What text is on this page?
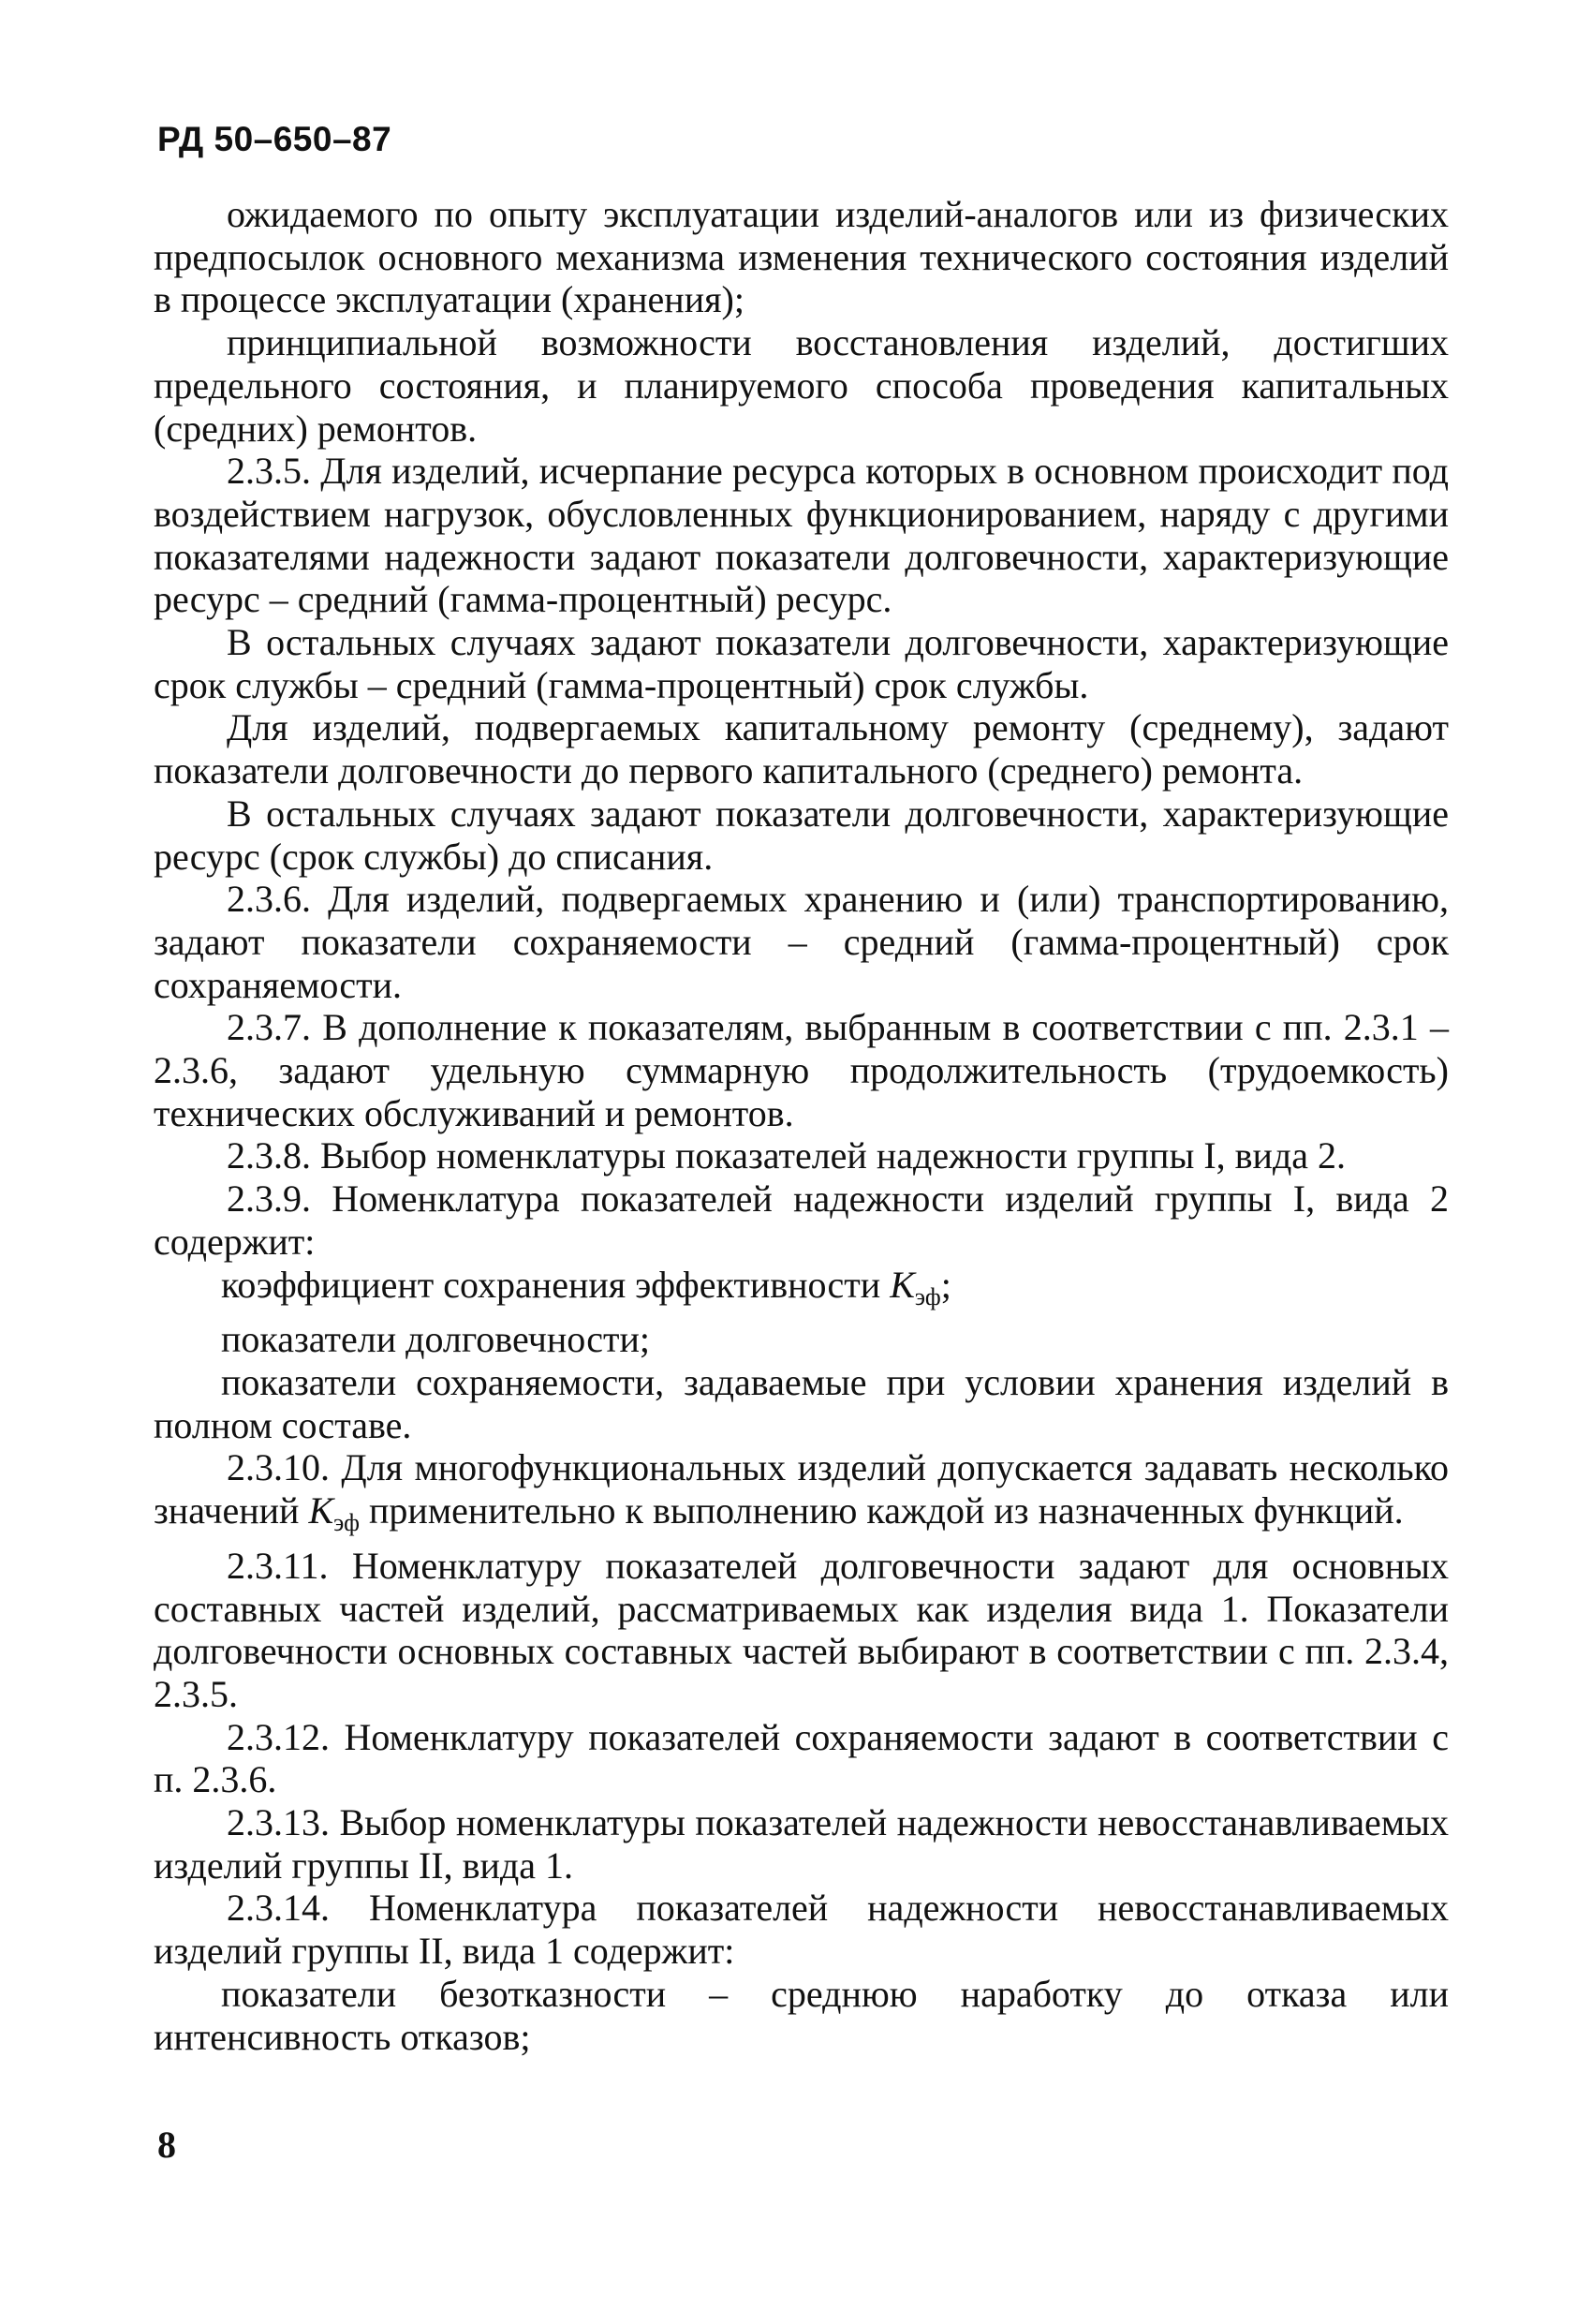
РД 50–650–87

ожидаемого по опыту эксплуатации изделий-аналогов или из физических предпосылок основного механизма изменения технического состояния изделий в процессе эксплуатации (хранения);

принципиальной возможности восстановления изделий, достигших предельного состояния, и планируемого способа проведения капитальных (средних) ремонтов.

2.3.5. Для изделий, исчерпание ресурса которых в основном происходит под воздействием нагрузок, обусловленных функционированием, наряду с другими показателями надежности задают показатели долговечности, характеризующие ресурс – средний (гамма-процентный) ресурс.

В остальных случаях задают показатели долговечности, характеризующие срок службы – средний (гамма-процентный) срок службы.

Для изделий, подвергаемых капитальному ремонту (среднему), задают показатели долговечности до первого капитального (среднего) ремонта.

В остальных случаях задают показатели долговечности, характеризующие ресурс (срок службы) до списания.

2.3.6. Для изделий, подвергаемых хранению и (или) транспортированию, задают показатели сохраняемости – средний (гамма-процентный) срок сохраняемости.

2.3.7. В дополнение к показателям, выбранным в соответствии с пп. 2.3.1 – 2.3.6, задают удельную суммарную продолжительность (трудоемкость) технических обслуживаний и ремонтов.

2.3.8. Выбор номенклатуры показателей надежности группы I, вида 2.

2.3.9. Номенклатура показателей надежности изделий группы I, вида 2 содержит:

коэффициент сохранения эффективности $K_{эф}$;

показатели долговечности;

показатели сохраняемости, задаваемые при условии хранения изделий в полном составе.

2.3.10. Для многофункциональных изделий допускается задавать несколько значений $K_{эф}$ применительно к выполнению каждой из назначенных функций.

2.3.11. Номенклатуру показателей долговечности задают для основных составных частей изделий, рассматриваемых как изделия вида 1. Показатели долговечности основных составных частей выбирают в соответствии с пп. 2.3.4, 2.3.5.

2.3.12. Номенклатуру показателей сохраняемости задают в соответствии с п. 2.3.6.

2.3.13. Выбор номенклатуры показателей надежности невосстанавливаемых изделий группы II, вида 1.

2.3.14. Номенклатура показателей надежности невосстанавливаемых изделий группы II, вида 1 содержит:

показатели безотказности – среднюю наработку до отказа или интенсивность отказов;

8
